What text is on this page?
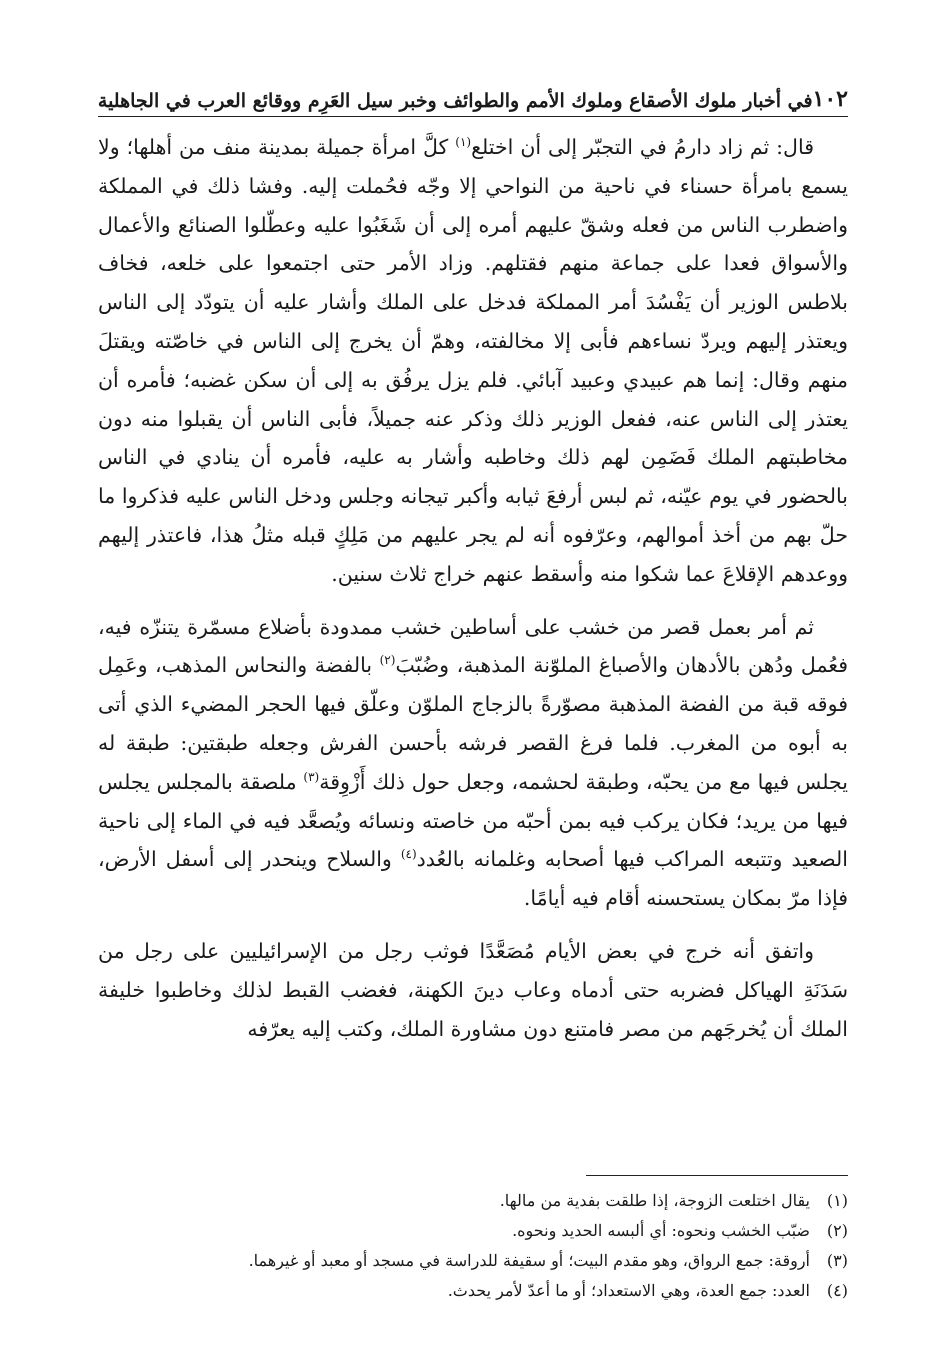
١٠٢
في أخبار ملوك الأصقاع وملوك الأمم والطوائف وخبر سيل العَرِم ووقائع العرب في الجاهلية

قال: ثم زاد دارمُ في التجبّر إلى أن اختلع$^{(١)}$ كلَّ امرأة جميلة بمدينة منف من أهلها؛ ولا يسمع بامرأة حسناء في ناحية من النواحي إلا وجّه فحُملت إليه. وفشا ذلك في المملكة واضطرب الناس من فعله وشقّ عليهم أمره إلى أن شَغَبُوا عليه وعطّلوا الصنائع والأعمال والأسواق فعدا على جماعة منهم فقتلهم. وزاد الأمر حتى اجتمعوا على خلعه، فخاف بلاطس الوزير أن يَفْسُدَ أمر المملكة فدخل على الملك وأشار عليه أن يتودّد إلى الناس ويعتذر إليهم ويردّ نساءهم فأبى إلا مخالفته، وهمّ أن يخرج إلى الناس في خاصّته ويقتلَ منهم وقال: إنما هم عبيدي وعبيد آبائي. فلم يزل يرفُق به إلى أن سكن غضبه؛ فأمره أن يعتذر إلى الناس عنه، ففعل الوزير ذلك وذكر عنه جميلاً، فأبى الناس أن يقبلوا منه دون مخاطبتهم الملك فَضَمِن لهم ذلك وخاطبه وأشار به عليه، فأمره أن ينادي في الناس بالحضور في يوم عيّنه، ثم لبس أرفعَ ثيابه وأكبر تيجانه وجلس ودخل الناس عليه فذكروا ما حلّ بهم من أخذ أموالهم، وعرّفوه أنه لم يجر عليهم من مَلِكٍ قبله مثلُ هذا، فاعتذر إليهم ووعدهم الإقلاعَ عما شكوا منه وأسقط عنهم خراج ثلاث سنين.

ثم أمر بعمل قصر من خشب على أساطين خشب ممدودة بأضلاع مسمّرة يتنزّه فيه، فعُمل ودُهن بالأدهان والأصباغ الملوّنة المذهبة، وضُبّبَ$^{(٢)}$ بالفضة والنحاس المذهب، وعَمِل فوقه قبة من الفضة المذهبة مصوّرةً بالزجاج الملوّن وعلّق فيها الحجر المضيء الذي أتى به أبوه من المغرب. فلما فرغ القصر فرشه بأحسن الفرش وجعله طبقتين: طبقة له يجلس فيها مع من يحبّه، وطبقة لحشمه، وجعل حول ذلك أَزْوِقة$^{(٣)}$ ملصقة بالمجلس يجلس فيها من يريد؛ فكان يركب فيه بمن أحبّه من خاصته ونسائه ويُصعَّد فيه في الماء إلى ناحية الصعيد وتتبعه المراكب فيها أصحابه وغلمانه بالعُدد$^{(٤)}$ والسلاح وينحدر إلى أسفل الأرض، فإذا مرّ بمكان يستحسنه أقام فيه أيامًا.

واتفق أنه خرج في بعض الأيام مُصَعَّدًا فوثب رجل من الإسرائيليين على رجل من سَدَنَةِ الهياكل فضربه حتى أدماه وعاب دينَ الكهنة، فغضب القبط لذلك وخاطبوا خليفة الملك أن يُخرجَهم من مصر فامتنع دون مشاورة الملك، وكتب إليه يعرّفه

(١)
يقال اختلعت الزوجة، إذا طلقت بفدية من مالها.
(٢)
ضبّب الخشب ونحوه: أي ألبسه الحديد ونحوه.
(٣)
أروقة: جمع الرواق، وهو مقدم البيت؛ أو سقيفة للدراسة في مسجد أو معبد أو غيرهما.
(٤)
العدد: جمع العدة، وهي الاستعداد؛ أو ما أعدّ لأمر يحدث.
